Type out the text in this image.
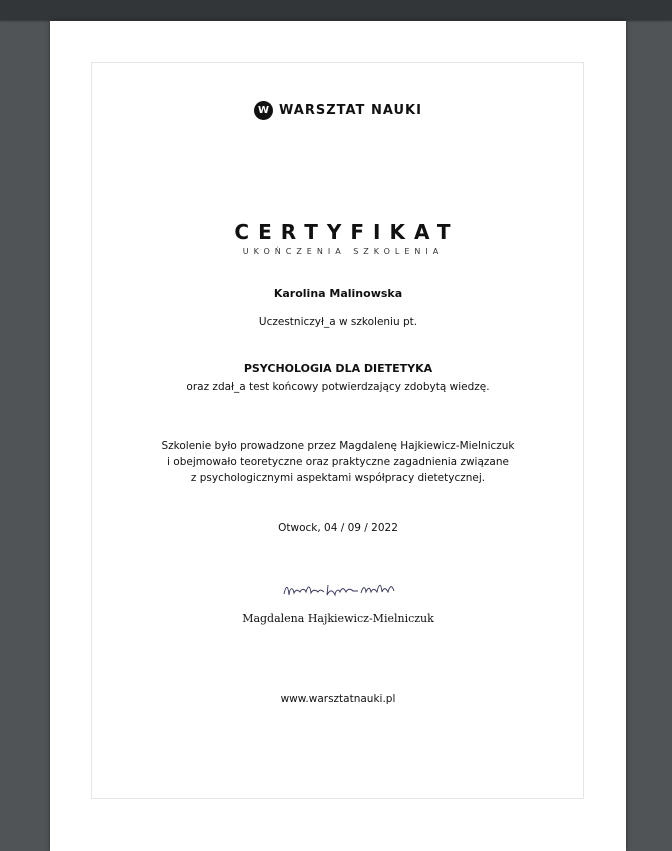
W WARSZTAT NAUKI
CERTYFIKAT
UKOŃCZENIA SZKOLENIA
Karolina Malinowska
Uczestniczył_a w szkoleniu pt.
PSYCHOLOGIA DLA DIETETYKA
oraz zdał_a test końcowy potwierdzający zdobytą wiedzę.
Szkolenie było prowadzone przez Magdalenę Hajkiewicz-Mielniczuk
i obejmowało teoretyczne oraz praktyczne zagadnienia związane
z psychologicznymi aspektami współpracy dietetycznej.
Otwock, 04 / 09 / 2022
Magdalena Hajkiewicz-Mielniczuk
www.warsztatnauki.pl
